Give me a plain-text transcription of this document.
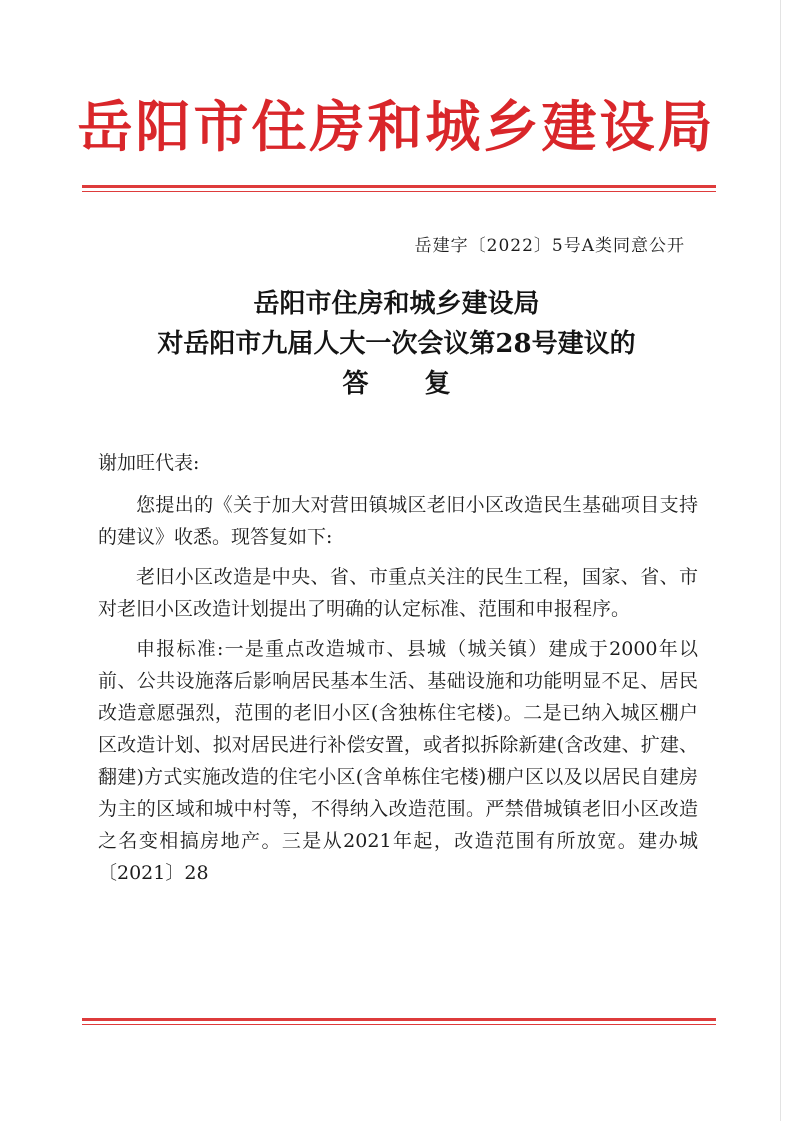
岳阳市住房和城乡建设局
岳建字〔2022〕5号A类同意公开
岳阳市住房和城乡建设局
对岳阳市九届人大一次会议第28号建议的
答复

谢加旺代表:

您提出的《关于加大对营田镇城区老旧小区改造民生基础项目支持的建议》收悉。现答复如下:

老旧小区改造是中央、省、市重点关注的民生工程，国家、省、市对老旧小区改造计划提出了明确的认定标准、范围和申报程序。

申报标准:一是重点改造城市、县城（城关镇）建成于2000年以前、公共设施落后影响居民基本生活、基础设施和功能明显不足、居民改造意愿强烈，范围的老旧小区(含独栋住宅楼)。二是已纳入城区棚户区改造计划、拟对居民进行补偿安置，或者拟拆除新建(含改建、扩建、翻建)方式实施改造的住宅小区(含单栋住宅楼)棚户区以及以居民自建房为主的区域和城中村等，不得纳入改造范围。严禁借城镇老旧小区改造之名变相搞房地产。三是从2021年起，改造范围有所放宽。建办城〔2021〕28
